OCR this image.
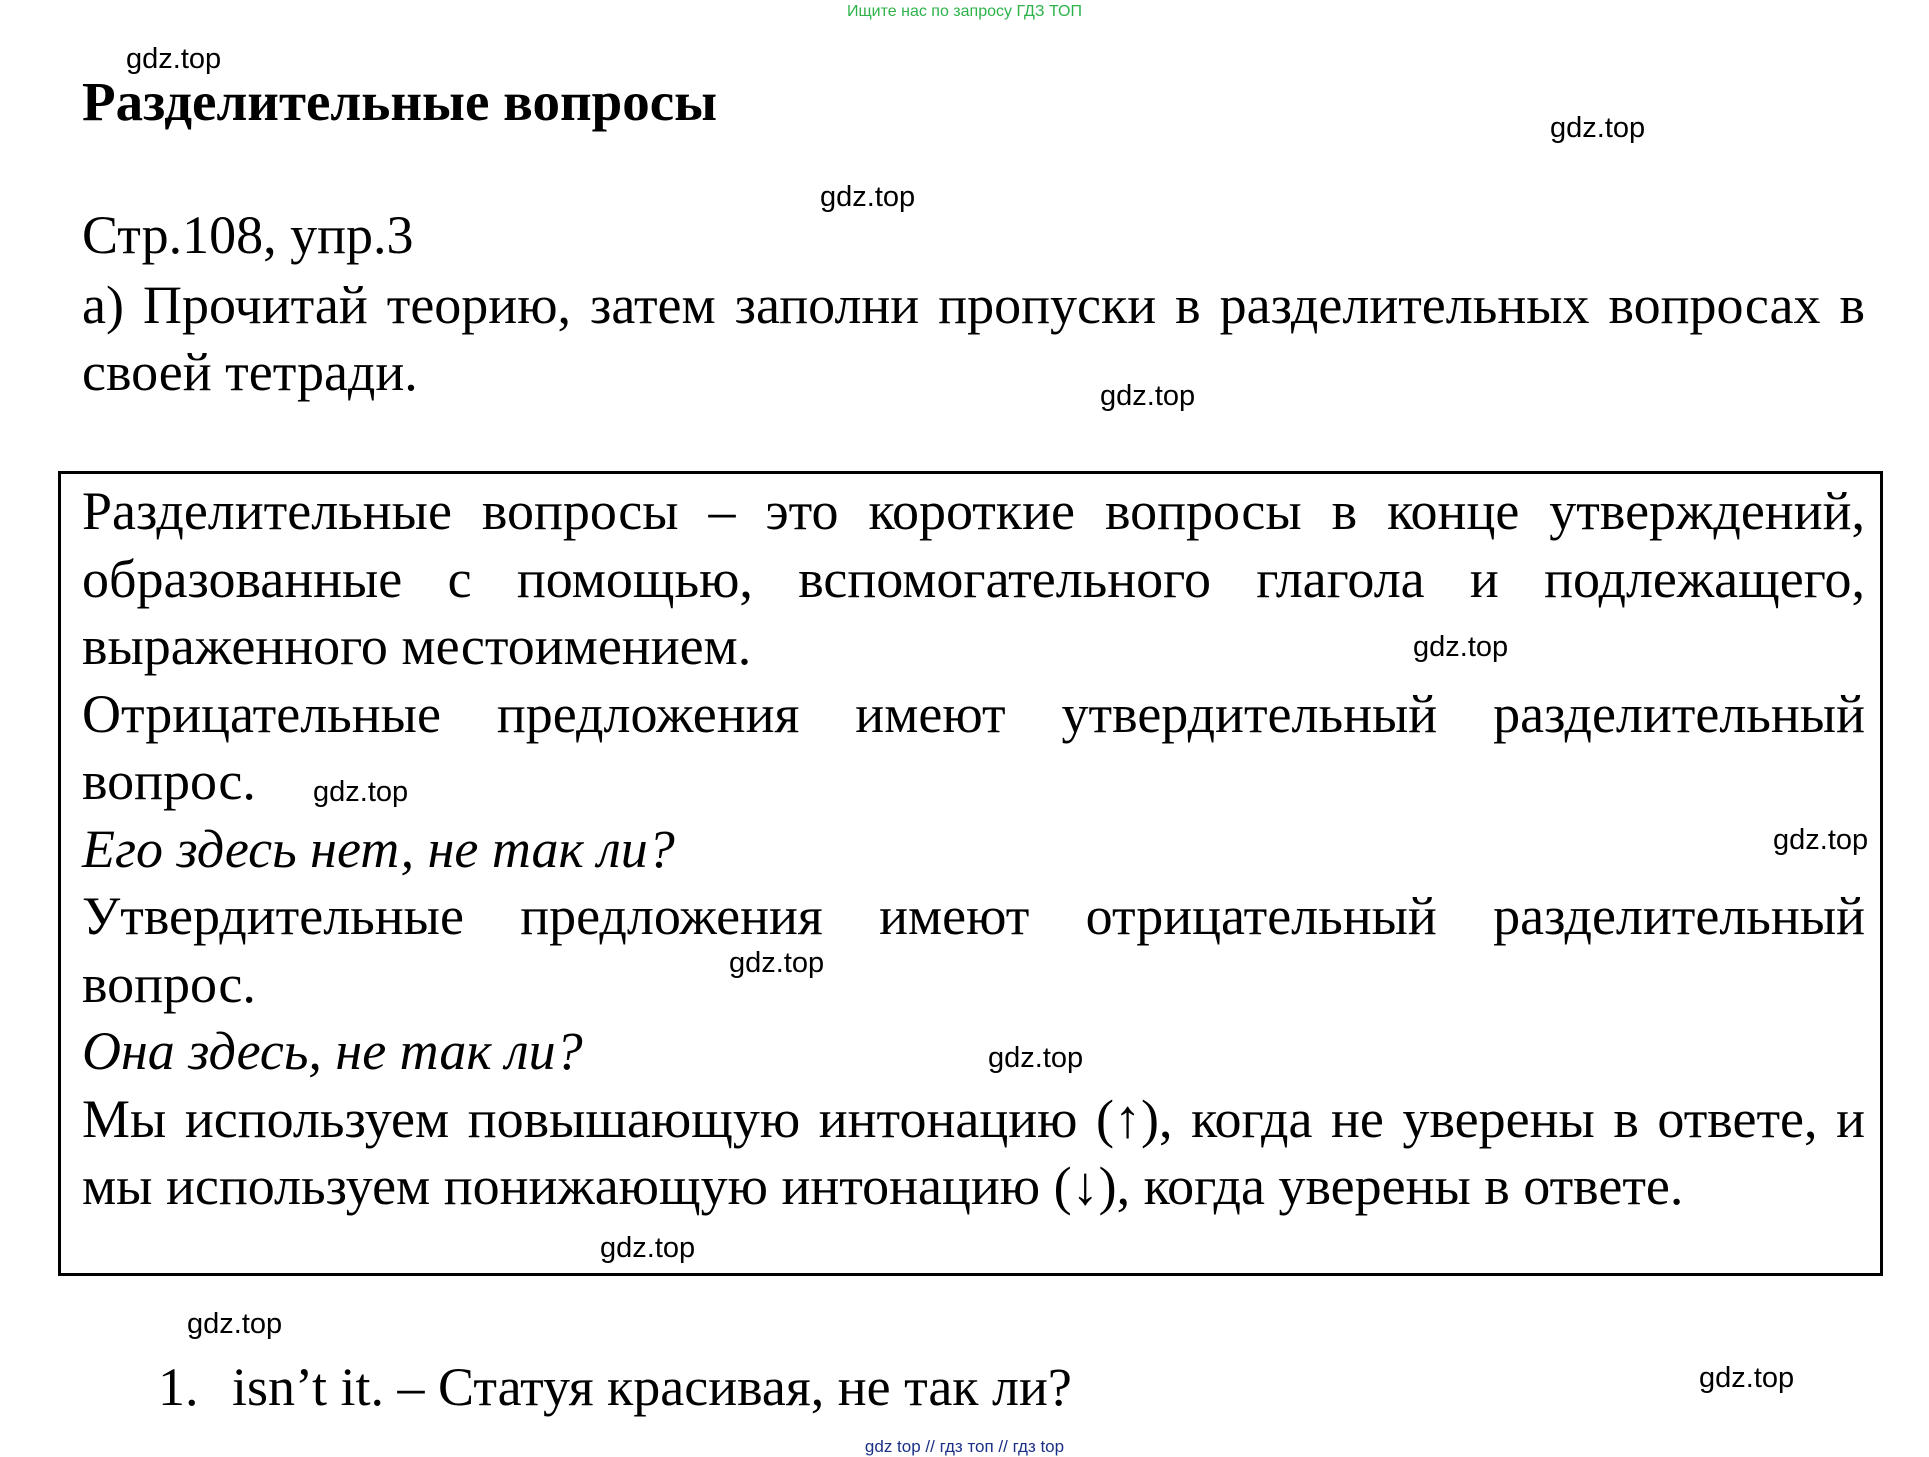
Ищите нас по запросу ГДЗ ТОП
Разделительные вопросы
Стр.108, упр.3
а) Прочитай теорию, затем заполни пропуски в разделительных вопросах в своей тетради.

Разделительные вопросы – это короткие вопросы в конце утверждений, образованные с помощью, вспомогательного глагола и подлежащего, выраженного местоимением.

Отрицательные предложения имеют утвердительный разделительный вопрос.

Его здесь нет, не так ли?

Утвердительные предложения имеют отрицательный разделительный вопрос.

Она здесь, не так ли?

Мы используем повышающую интонацию (↑), когда не уверены в ответе, и мы используем понижающую интонацию (↓), когда уверены в ответе.

1. isn’t it. – Статуя красивая, не так ли?
gdz.top
gdz.top
gdz.top
gdz.top
gdz.top
gdz.top
gdz.top
gdz.top
gdz.top
gdz.top
gdz.top
gdz.top
gdz top // гдз топ // гдз top
